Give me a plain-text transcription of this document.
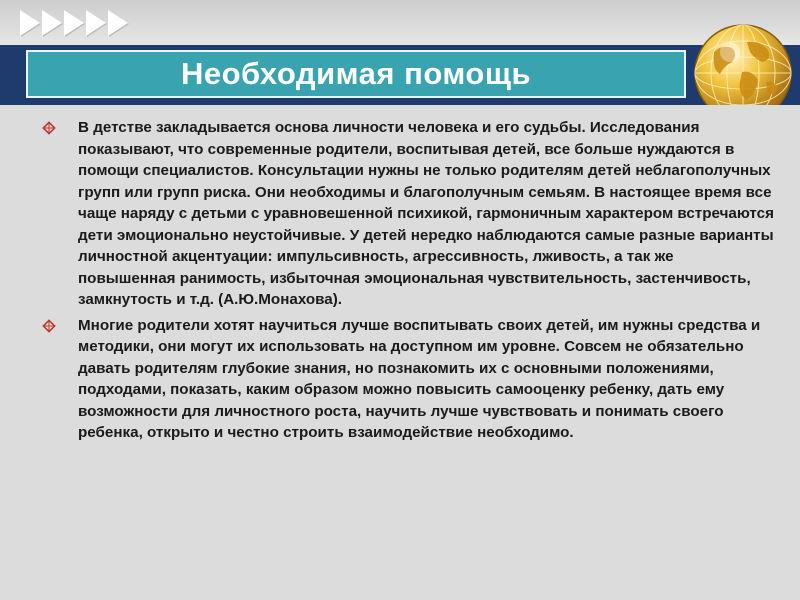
Необходимая помощь
В детстве закладывается основа личности человека и его судьбы. Исследования показывают, что современные родители, воспитывая детей, все больше нуждаются в помощи специалистов. Консультации нужны не только родителям детей неблагополучных групп или групп риска. Они необходимы и благополучным семьям. В настоящее время все чаще наряду с детьми с уравновешенной психикой, гармоничным характером встречаются дети эмоционально неустойчивые. У детей нередко наблюдаются самые разные варианты личностной акцентуации: импульсивность, агрессивность, лживость, а так же повышенная ранимость, избыточная эмоциональная чувствительность, застенчивость, замкнутость и т.д. (А.Ю.Монахова).
Многие родители хотят научиться лучше воспитывать своих детей, им нужны средства и методики, они могут их использовать на доступном им уровне. Совсем не обязательно давать родителям глубокие знания, но познакомить их с основными положениями, подходами, показать, каким образом можно повысить самооценку ребенку, дать ему возможности для личностного роста, научить лучше чувствовать и понимать своего ребенка, открыто и честно строить взаимодействие необходимо.
